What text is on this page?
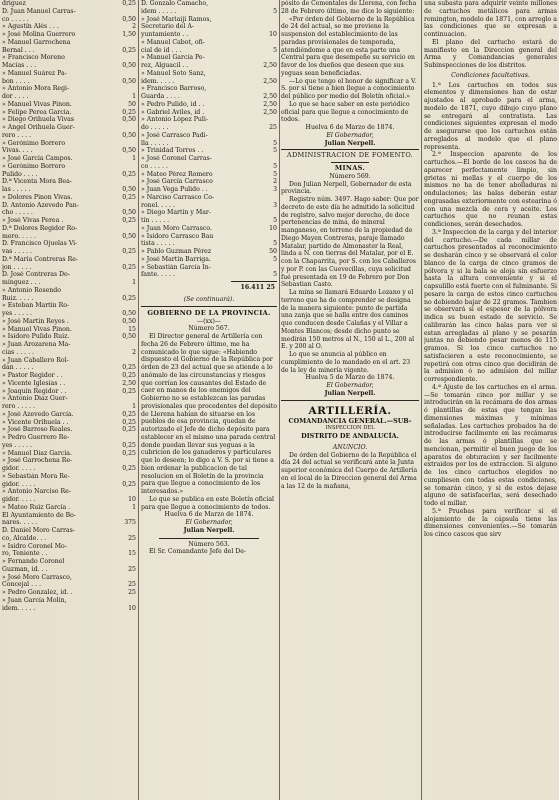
driguez	0,25
D. Juan Manuel Carras-
co . . . . .	0,50
» Agustín Alés . . .	2
» José Molina Guerrero	1,50
» Manuel Garrochena
Bernal . . .	0,25
» Francisco Moreno
Macias . . .	0,50
» Manuel Suárez Pa-
bon . . . .	0,50
» Antonio Mora Regi-
dor . . . .	1
» Manuel Vivas Pinon.	50
» Felipe Perea Garcia.	0,25
» Diego Orihuela Vivas	0,50
» Angel Orihuela Guer-
rero . . . .	0,50
» Gerónimo Borrero
Vivas. . . .	0,50
» José García Campos.	1
» Gerónimo Borrero
Pulido . . . .	0,25
D.ª Vicenta Mora Bea-
las . . . . .	0,50
» Dolores Pinon Vivas.	0,25
D. Antonio Azevedo Pan-
cho . . . . .	0,50
» José Vivas Perea .	0,25
D.ª Dolores Regidor Ro-
mero. . . . .	0,50
D. Francisco Ojuelas Vi-
vas . . . . .	0,25
D.ª María Contreras Re-
jon . . . . .	0,25
D. José Contreras Do-
mínguez . . .	1
» Antonio Rosendo
Ruiz. . . . .	0,25
» Esteban Martín Ro-
yes . . . . .	0,50
» José Martín Reyes .	0,50
» Manuel Vivas Pinon.	15
» Isidoro Pulido Ruiz.	0,50
» Juan Arozarena Ma-
cias . . . . .	2
» Juan Caballero Rol-
dan . . . . .	0,25
» Pastor Regidor . .	0,25
» Vicente Iglesias . .	2,50
» Joaquín Regidor . .	0,25
» Antonio Diaz Guer-
rero . . . . .	1
» José Azevedo García.	0,25
» Vicente Orihuela . .	0,25
» José Barroso Reales.	0,25
» Pedro Guerrero Re-
yes . . . . .	0,25
» Manuel Diaz García.	0,25
» José Garrochena Re-
gidor. . . . .	0,25
» Sebastián Mora Re-
gidor. . . . .	0,25
» Antonio Narciso Re-
gidor. . . . .	10
» Mateo Ruiz García .	1
El Ayuntamiento de Bo-
nares. . . . .	375
D. Daniel Moro Carras-
co, Alcalde. . .	25
» Isidro Coronel Mo-
ro, Teniente . .	15
» Fernando Coronel
Guzman, id. . .	25
» José Moro Carrasco,
Concejal . . .	25
» Pedro Gonzalez, id. .	25
» Juan García Molin,
idem. . . . .	10
D. Gonzalo Camacho,
idem . . . . .	5
» José Mariaiji Ramos,
Secretario del A-
yuntamiento . .	10
» Manuel Cabot, ofi-
cial de id . . .	5
» Manuel García Pe-
rez, Alguacil . .	2,50
» Manuel Soto Sanz,
idem. . . . .	2,50
» Francisco Barroso,
Guarda . . . .	2,50
» Pedro Pulido, id . .	2,50
» Gabriel Aviles, id .	2,50
» Antonio López Puli-
do . . . . .	25
» José Carrasco Padi-
lla . . . . .	5
» Trinidad Torres . .	5
» José Coronel Carras-
co . . . . .	5
» Mateo Pérez Romero	5
» José García Carrasco	2
» Juan Vega Pulido . .	3
» Narciso Carrasco Co-
ronel. . . . .	3
» Diego Martín y Mar-
tín . . . . .	5
» Juan Moro Carrasco.	10
» Isidoro Carrasco Bau
tista . . . . .	5
» Pablo Guzman Pérez	50
» José Martín Barriga.	5
» Sebastián García In-
fante. . . . .	5
16.411 25
(Se continuará).
GOBIERNO DE LA PROVINCIA.
—(xx)—
Número 567.

El Director general de Artillería con fecha 26 de Febrero último, me ha comunicado lo que sigue: «Habiendo dispuesto el Gobierno de la República por órden de 23 del actual que se atiende a lo anómalo de las circunstancias y riesgos que corrían los causantes del Estado de caer en manos de los enemigos del Gobierno no se establezcan las paradas provisionales que procedentes del depósito de Llerena habían de situarse en los pueblos de esa provincia, quedan de autorizado el Jefe de dicho depósito para establecer en el mismo una parada central donde puedan llevar sus yeguas a la cubricion de los ganaderos y particulares que lo deseen; lo digo a V. S. por si tiene a bien ordenar la publicacion de tal resolucion en el Boletín de la provincia para que llegue a conocimiento de los interesados.»

Lo que se publica en este Boletín oficial para que llegue a conocimiento de todos.

Huelva 6 de Marzo de 1874.
El Gobernador,
Julian Nerpell.
Número 563.

El Sr. Comandante Jefe del De-

pósito de Cementales de Llerena, con fecha 28 de Febrero último, me dice lo siguiente:

«Por órden del Gobierno de la República de 24 del actual, se me previene la suspension del establecimiento de las paradas provisionales de temporada, atendiéndome a que en esta parte una Central para que desempeñe su servicio en favor de los dueños que deseen que sus yeguas sean beneficiadas.

—Lo que tengo el honor de significar a V. S. por si tiene a bien llegue a conocimiento del público por medio del Boletín oficial.»

Lo que se hace saber en este periódico oficial para que llegue a conocimiento de todos.

Huelva 6 de Marzo de 1874.
El Gobernador,
Julian Nerpell.
ADMINISTRACION DE FOMENTO.
MINAS.
Número 569.

Don Julian Nerpell, Gobernador de esta provincia.

Registro núm. 3497. Hago saber: Que por decreto de este día he admitido la solicitud de registro, salvo mejor derecho, de doce pertenencias de mina, de mineral manganeso, en terreno de la propiedad de Diego Mayen Contreras, paraje llamado Matalar, partido de Almonaster la Real, linda a N. con tierras del Matalar, por el E. con la Chaparrita, por S. con los Caballeros y por P. con las Cuevecillas, cuya solicitud fué presentada en 19 de Febrero por Don Sebastian Casto.

La mina se llamará Eduardo Lozano y el terreno que ha de comprender se designa de la manera siguiente: punto de partida una zanja que se halla entre dos caminos que conducen desde Calañas y el Villar a Montes Blancos; desde dicho punto se medirán 150 metros al N., 150 al L., 200 al E. y 200 al O.

Lo que se anuncia al público en cumplimiento de lo mandado en el art. 23 de la ley de minería vigente.

Huelva 5 de Marzo de 1874.
El Gobernador,
Julian Nerpell.
ARTILLERÍA.
COMANDANCIA GENERAL.—SUB-
INSPECCION DEL
DISTRITO DE ANDALUCÍA.
ANUNCIO.

De órden del Gobierno de la República el día 24 del actual se verificará ante la Junta superior económica del Cuerpo de Artillería en el local de la Direccion general del Arma a las 12 de la mañana,

una subasta para adquirir veinte millones de cartuchos metálicos para armas remington, modelo de 1871, con arreglo a las condiciones que se expresan a continuacion.

El plano del cartucho estará de manifiesto en la Direccion general del Arma y Comandancias generales Subinspecciones de los distritos.

Condiciones facultativas.

1.ª Los cartuchos en todos sus elementos y dimensiones han de estar ajustados al aprobado para el arma, modelo de 1871, cuyo dibujo cuyo plano se entregará al contratista. Las condiciones siguientes expresan el modo de asegurarse que los cartuchos están arreglados al modelo que el plano representa.

2.ª Inspeccion aparente de los cartuchos.—El borde de los cascos ha de aparecer perfectamente limpio, sin grietas ni mellas y el cuerpo de los mismos no ha de tener abolladuras ni ondulaciones; las balas deberán estar engrasadas exteriormente con estearina ó con una mezcla de cera y aceite. Los cartuchos que no reunan estas condiciones, serán desechados.

3.ª Inspeccion de la carga y del interior del cartucho.—De cada millar de cartuchos presentados al reconocimiento se desharán cinco y se observará el color blanco de la carga de cinco gramos de pólvora y si la bala se aloja sin esfuerzo hasta la altura conveniente y si el capsulillo está fuerte con el fulminante. Si pesare la carga de estos cinco cartuchos no debiendo bajar de 22 gramos. Tambien se observará si el espesor de la pólvora indica su buen estado de servicio. Se calibrarán las cinco balas para ver si estan arregladas al plano y se pesarán juntas no debiendo pesar menos de 115 gramos. Si los cinco cartuchos no satisfacieren a este reconocimiento, se repetirá con otros cinco que decidirán de la admision ó no admision del millar correspondiente.

4.ª Ajuste de los cartuchos en el arma.—Se tomarán cinco por millar y se introducirán en la recámara de dos armas ó plantillas de estas que tengan las dimensiones máximas y mínimas señaladas. Los cartuchos probados ha de introducirse facilmente en las recámaras de las armas ó plantillas que se mencionan, permitir el buen juego de los aparatos de obturacion y ser facilmente extraidos por los de extraccion. Si alguno de los cinco cartuchos elegidos no cumpliesen con todas estas condiciones, se tomarán cinco, y si de estos dejase alguno de satisfacerlas, será desechado todo el millar.

5.ª Pruebas para verificar si el alojamiento de la cápsula tiene las dimensiones convenientes.—Se tomarán los cinco cascos que sirv
